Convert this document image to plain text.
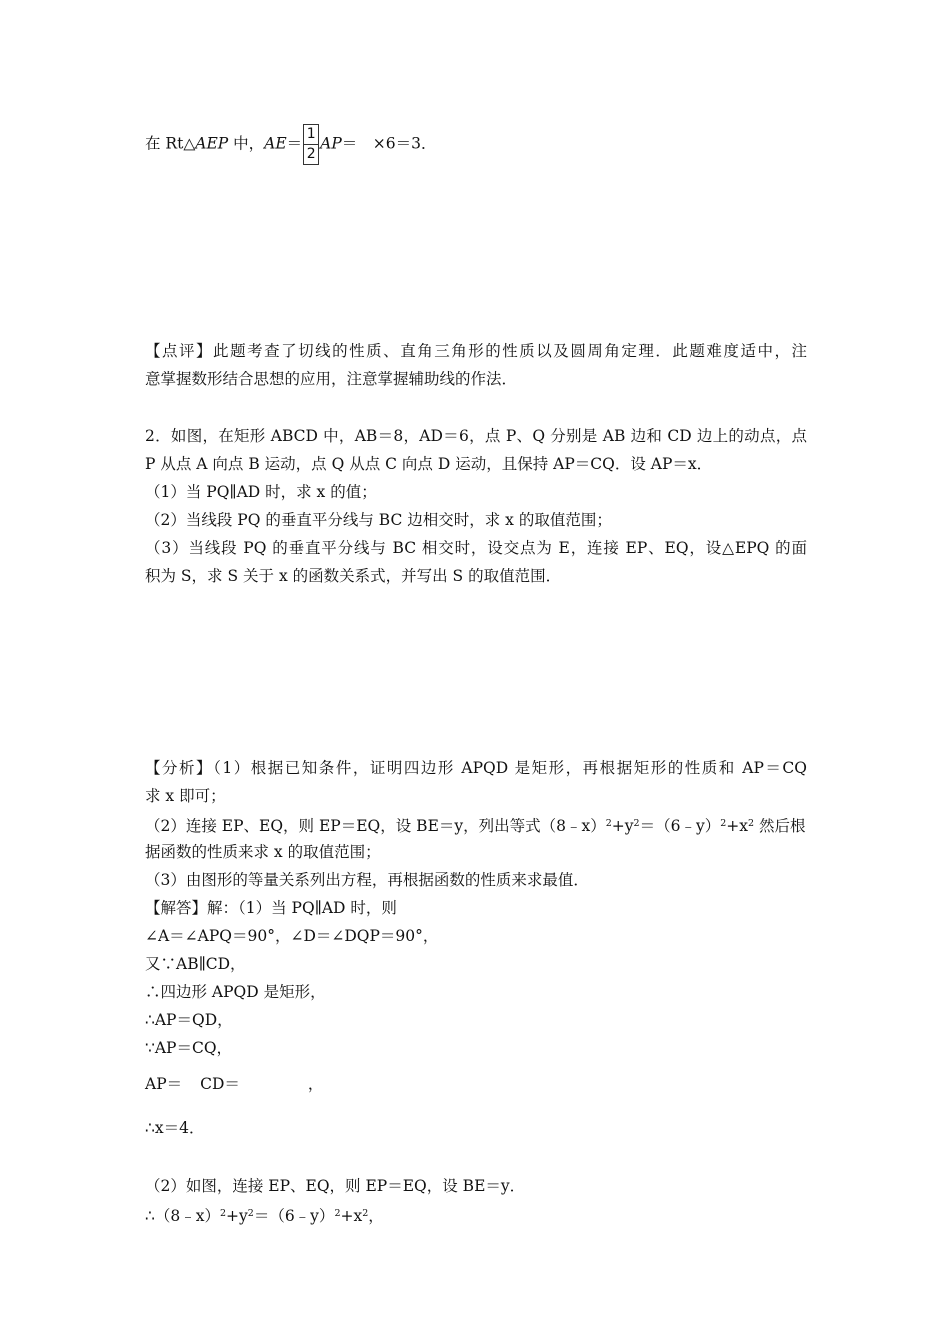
在 Rt△AEP 中，$AE= \frac{1}{2} AP=$　×6＝3．
【点评】此题考查了切线的性质、直角三角形的性质以及圆周角定理．此题难度适中，注
意掌握数形结合思想的应用，注意掌握辅助线的作法．
2．如图，在矩形 ABCD 中，AB＝8，AD＝6，点 P、Q 分别是 AB 边和 CD 边上的动点，点
P 从点 A 向点 B 运动，点 Q 从点 C 向点 D 运动，且保持 AP＝CQ．设 AP＝x．
（1）当 PQ∥AD 时，求 x 的值；
（2）当线段 PQ 的垂直平分线与 BC 边相交时，求 x 的取值范围；
（3）当线段 PQ 的垂直平分线与 BC 相交时，设交点为 E，连接 EP、EQ，设△EPQ 的面
积为 S，求 S 关于 x 的函数关系式，并写出 S 的取值范围．
【分析】（1）根据已知条件，证明四边形 APQD 是矩形，再根据矩形的性质和 AP＝CQ
求 x 即可；
（2）连接 EP、EQ，则 EP＝EQ，设 BE＝y，列出等式$(8﹣x)^2+y^2=(6﹣y)^2+x^2$ 然后根
据函数的性质来求 x 的取值范围；
（3）由图形的等量关系列出方程，再根据函数的性质来求最值．
【解答】解：（1）当 PQ∥AD 时，则
∠A＝∠APQ＝90°，∠D＝∠DQP＝90°，
又∵AB∥CD，
∴四边形 APQD 是矩形，
∴AP＝QD，
∵AP＝CQ，
AP＝ CD＝	，
∴x＝4．
（2）如图，连接 EP、EQ，则 EP＝EQ，设 BE＝y．
$\therefore(8﹣x)^2+y^2=(6﹣y)^2+x^2$，
